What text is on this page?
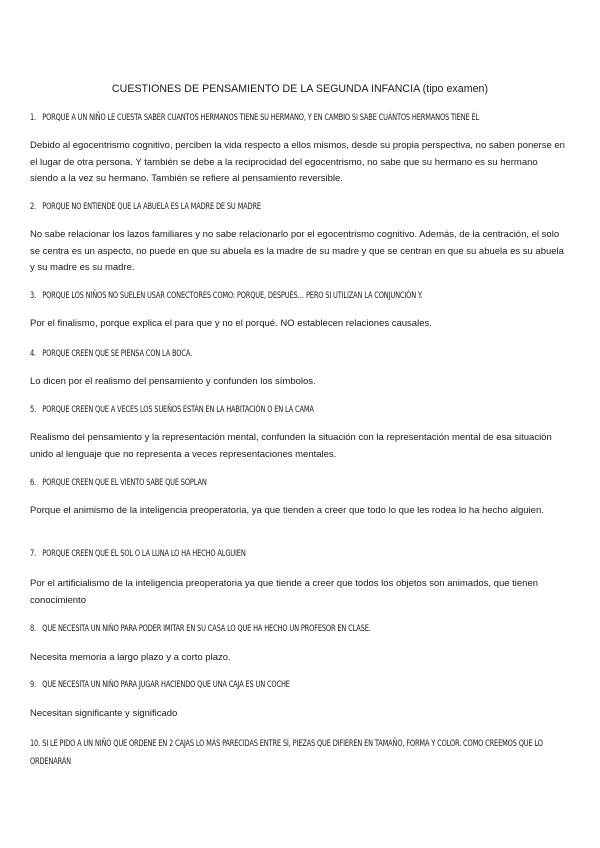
CUESTIONES DE PENSAMIENTO DE LA SEGUNDA INFANCIA (tipo examen)
1. PORQUE A UN NIÑO LE CUESTA SABER CUANTOS HERMANOS TIENE SU HERMANO, Y EN CAMBIO SI SABE CUÁNTOS HERMANOS TIENE ÉL
Debido al egocentrismo cognitivo, perciben la vida respecto a ellos mismos, desde su propia perspectiva, no saben ponerse en el lugar de otra persona. Y también se debe a la reciprocidad del egocentrismo, no sabe que su hermano es su hermano siendo a la vez su hermano. También se refiere al pensamiento reversible.
2. PORQUE NO ENTIENDE QUE LA ABUELA ES LA MADRE DE SU MADRE
No sabe relacionar los lazos familiares y no sabe relacionarlo por el egocentrismo cognitivo. Además, de la centración, el solo se centra es un aspecto, no puede en que su abuela es la madre de su madre y que se centran en que su abuela es su abuela y su madre es su madre.
3. PORQUE LOS NIÑOS NO SUELEN USAR CONECTORES COMO: PORQUE, DESPUÉS… PERO SI UTILIZAN LA CONJUNCIÓN Y.
Por el finalismo, porque explica el para que y no el porqué. NO establecen relaciones causales.
4. PORQUE CREEN QUE SE PIENSA CON LA BOCA.
Lo dicen por el realismo del pensamiento y confunden los símbolos.
5. PORQUE CREEN QUE A VECES LOS SUEÑOS ESTÁN EN LA HABITACIÓN O EN LA CAMA
Realismo del pensamiento y la representación mental, confunden la situación con la representación mental de esa situación unido al lenguaje que no representa a veces representaciones mentales.
6. PORQUE CREEN QUE EL VIENTO SABE QUE SOPLAN
Porque el animismo de la inteligencia preoperatoria, ya que tienden a creer que todo lo que les rodea lo ha hecho alguien.
7. PORQUE CREEN QUE EL SOL O LA LUNA LO HA HECHO ALGUIEN
Por el artificialismo de la inteligencia preoperatoria ya que tiende a creer que todos los objetos son animados, que tienen conocimiento
8. QUE NECESITA UN NIÑO PARA PODER IMITAR EN SU CASA LO QUE HA HECHO UN PROFESOR EN CLASE.
Necesita memoria a largo plazo y a corto plazo.
9. QUE NECESITA UN NIÑO PARA JUGAR HACIENDO QUE UNA CAJA ES UN COCHE
Necesitan significante y significado
10. SI LE PIDO A UN NIÑO QUE ORDENE EN 2 CAJAS LO MÁS PARECIDAS ENTRE SÍ, PIEZAS QUE DIFIEREN EN TAMAÑO, FORMA Y COLOR. COMO CREEMOS QUE LO ORDENARÁN
